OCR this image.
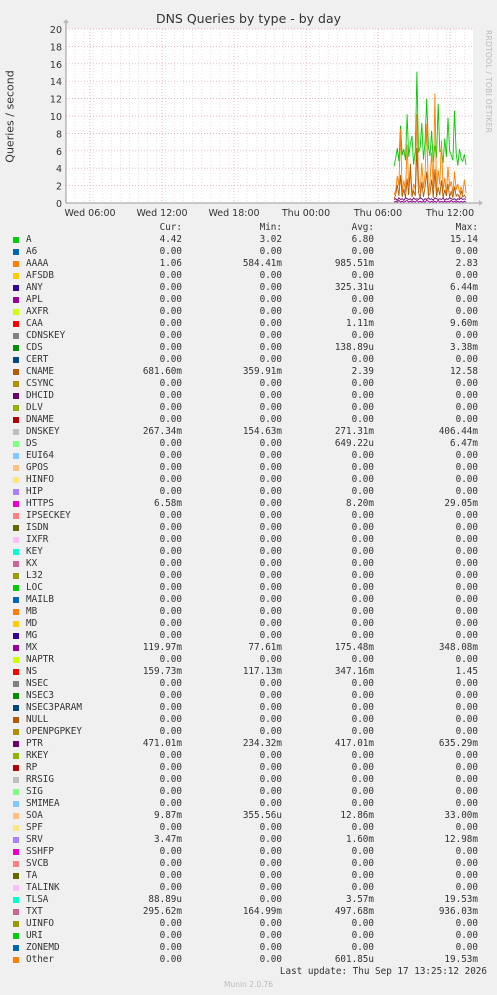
DNS Queries by type - by day
Queries / second	RRDTOOL / TOBI OETIKER
0
2
4
6
8
10
12
14
16
18
20
Wed 06:00 Wed 12:00 Wed 18:00 Thu 00:00	Thu 06:00	Thu 12:00
Cur:	Min:	Avg:	Max:
A	4.42	3.02	6.80	15.14
A6	0.00	0.00	0.00	0.00
AAAA	1.06	584.41m	985.51m	2.83
AFSDB	0.00	0.00	0.00	0.00
ANY	0.00	0.00	325.31u	6.44m
APL	0.00	0.00	0.00	0.00
AXFR	0.00	0.00	0.00	0.00
CAA	0.00	0.00	1.11m	9.60m
CDNSKEY	0.00	0.00	0.00	0.00
CDS	0.00	0.00	138.89u	3.38m
CERT	0.00	0.00	0.00	0.00
CNAME	681.60m	359.91m	2.39	12.58
CSYNC	0.00	0.00	0.00	0.00
DHCID	0.00	0.00	0.00	0.00
DLV	0.00	0.00	0.00	0.00
DNAME	0.00	0.00	0.00	0.00
DNSKEY	267.34m	154.63m	271.31m	406.44m
DS	0.00	0.00	649.22u	6.47m
EUI64	0.00	0.00	0.00	0.00
GPOS	0.00	0.00	0.00	0.00
HINFO	0.00	0.00	0.00	0.00
HIP	0.00	0.00	0.00	0.00
HTTPS	6.58m	0.00	8.20m	29.05m
IPSECKEY	0.00	0.00	0.00	0.00
ISDN	0.00	0.00	0.00	0.00
IXFR	0.00	0.00	0.00	0.00
KEY	0.00	0.00	0.00	0.00
KX	0.00	0.00	0.00	0.00
L32	0.00	0.00	0.00	0.00
LOC	0.00	0.00	0.00	0.00
MAILB	0.00	0.00	0.00	0.00
MB	0.00	0.00	0.00	0.00
MD	0.00	0.00	0.00	0.00
MG	0.00	0.00	0.00	0.00
MX	119.97m	77.61m	175.48m	348.08m
NAPTR	0.00	0.00	0.00	0.00
NS	159.73m	117.13m	347.16m	1.45
NSEC	0.00	0.00	0.00	0.00
NSEC3	0.00	0.00	0.00	0.00
NSEC3PARAM	0.00	0.00	0.00	0.00
NULL	0.00	0.00	0.00	0.00
OPENPGPKEY	0.00	0.00	0.00	0.00
PTR	471.01m	234.32m	417.01m	635.29m
RKEY	0.00	0.00	0.00	0.00
RP	0.00	0.00	0.00	0.00
RRSIG	0.00	0.00	0.00	0.00
SIG	0.00	0.00	0.00	0.00
SMIMEA	0.00	0.00	0.00	0.00
SOA	9.87m	355.56u	12.86m	33.00m
SPF	0.00	0.00	0.00	0.00
SRV	3.47m	0.00	1.60m	12.98m
SSHFP	0.00	0.00	0.00	0.00
SVCB	0.00	0.00	0.00	0.00
TA	0.00	0.00	0.00	0.00
TALINK	0.00	0.00	0.00	0.00
TLSA	88.89u	0.00	3.57m	19.53m
TXT	295.62m	164.99m	497.68m	936.03m
UINFO	0.00	0.00	0.00	0.00
URI	0.00	0.00	0.00	0.00
ZONEMD	0.00	0.00	0.00	0.00
Other	0.00	0.00	601.85u	19.53m
Last update: Thu Sep 17 13:25:12 2026
Munin 2.0.76
